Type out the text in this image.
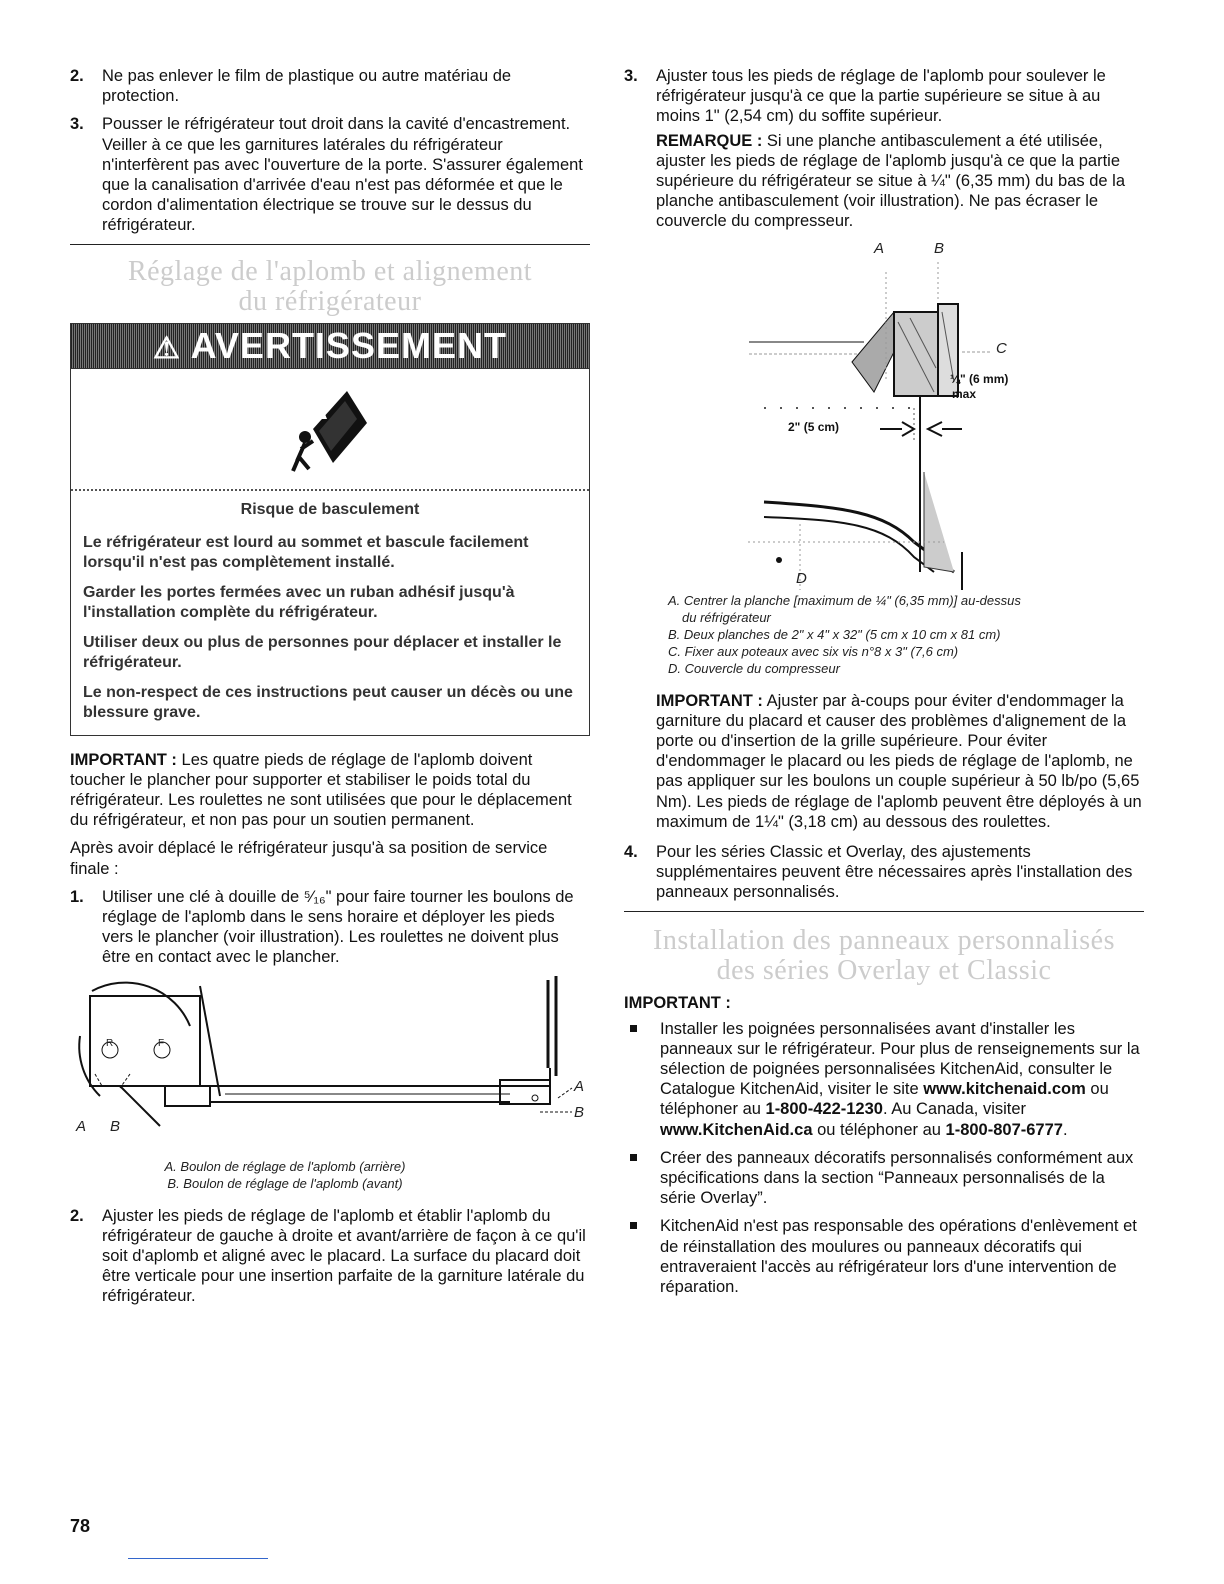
2.	Ne pas enlever le film de plastique ou autre matériau de protection.
3.	Pousser le réfrigérateur tout droit dans la cavité d'encastrement. Veiller à ce que les garnitures latérales du réfrigérateur n'interfèrent pas avec l'ouverture de la porte. S'assurer également que la canalisation d'arrivée d'eau n'est pas déformée et que le cordon d'alimentation électrique se trouve sur le dessus du réfrigérateur.
Réglage de l'aplomb et alignement du réfrigérateur
⚠ AVERTISSEMENT

Risque de basculement

Le réfrigérateur est lourd au sommet et bascule facilement lorsqu'il n'est pas complètement installé.

Garder les portes fermées avec un ruban adhésif jusqu'à l'installation complète du réfrigérateur.

Utiliser deux ou plus de personnes pour déplacer et installer le réfrigérateur.

Le non-respect de ces instructions peut causer un décès ou une blessure grave.

IMPORTANT : Les quatre pieds de réglage de l'aplomb doivent toucher le plancher pour supporter et stabiliser le poids total du réfrigérateur. Les roulettes ne sont utilisées que pour le déplacement du réfrigérateur, et non pas pour un soutien permanent.

Après avoir déplacé le réfrigérateur jusqu'à sa position de service finale :

1.	Utiliser une clé à douille de ⁵⁄₁₆" pour faire tourner les boulons de réglage de l'aplomb dans le sens horaire et déployer les pieds vers le plancher (voir illustration). Les roulettes ne doivent plus être en contact avec le plancher.
R	F
A B
A
B

A. Boulon de réglage de l'aplomb (arrière)

B. Boulon de réglage de l'aplomb (avant)

2.	Ajuster les pieds de réglage de l'aplomb et établir l'aplomb du réfrigérateur de gauche à droite et avant/arrière de façon à ce qu'il soit d'aplomb et aligné avec le placard. La surface du placard doit être verticale pour une insertion parfaite de la garniture latérale du réfrigérateur.
3.	Ajuster tous les pieds de réglage de l'aplomb pour soulever le réfrigérateur jusqu'à ce que la partie supérieure se situe à au moins 1" (2,54 cm) du soffite supérieur.

REMARQUE : Si une planche antibasculement a été utilisée, ajuster les pieds de réglage de l'aplomb jusqu'à ce que la partie supérieure du réfrigérateur se situe à ¼" (6,35 mm) du bas de la planche antibasculement (voir illustration). Ne pas écraser le couvercle du compresseur.

A	B
C
¼" (6 mm)
max
2" (5 cm)
D

A. Centrer la planche [maximum de ¼" (6,35 mm)] au-dessus

du réfrigérateur

B. Deux planches de 2" x 4" x 32" (5 cm x 10 cm x 81 cm)

C. Fixer aux poteaux avec six vis n°8 x 3" (7,6 cm)

D. Couvercle du compresseur

IMPORTANT : Ajuster par à-coups pour éviter d'endommager la garniture du placard et causer des problèmes d'alignement de la porte ou d'insertion de la grille supérieure. Pour éviter d'endommager le placard ou les pieds de réglage de l'aplomb, ne pas appliquer sur les boulons un couple supérieur à 50 lb/po (5,65 Nm). Les pieds de réglage de l'aplomb peuvent être déployés à un maximum de 1¼" (3,18 cm) au dessous des roulettes.

4.	Pour les séries Classic et Overlay, des ajustements supplémentaires peuvent être nécessaires après l'installation des panneaux personnalisés.
Installation des panneaux personnalisés des séries Overlay et Classic

IMPORTANT :

Installer les poignées personnalisées avant d'installer les panneaux sur le réfrigérateur. Pour plus de renseignements sur la sélection de poignées personnalisées KitchenAid, consulter le Catalogue KitchenAid, visiter le site www.kitchenaid.com ou téléphoner au 1-800-422-1230. Au Canada, visiter www.KitchenAid.ca ou téléphoner au 1-800-807-6777.
Créer des panneaux décoratifs personnalisés conformément aux spécifications dans la section “Panneaux personnalisés de la série Overlay”.
KitchenAid n'est pas responsable des opérations d'enlèvement et de réinstallation des moulures ou panneaux décoratifs qui entraveraient l'accès au réfrigérateur lors d'une intervention de réparation.
78
